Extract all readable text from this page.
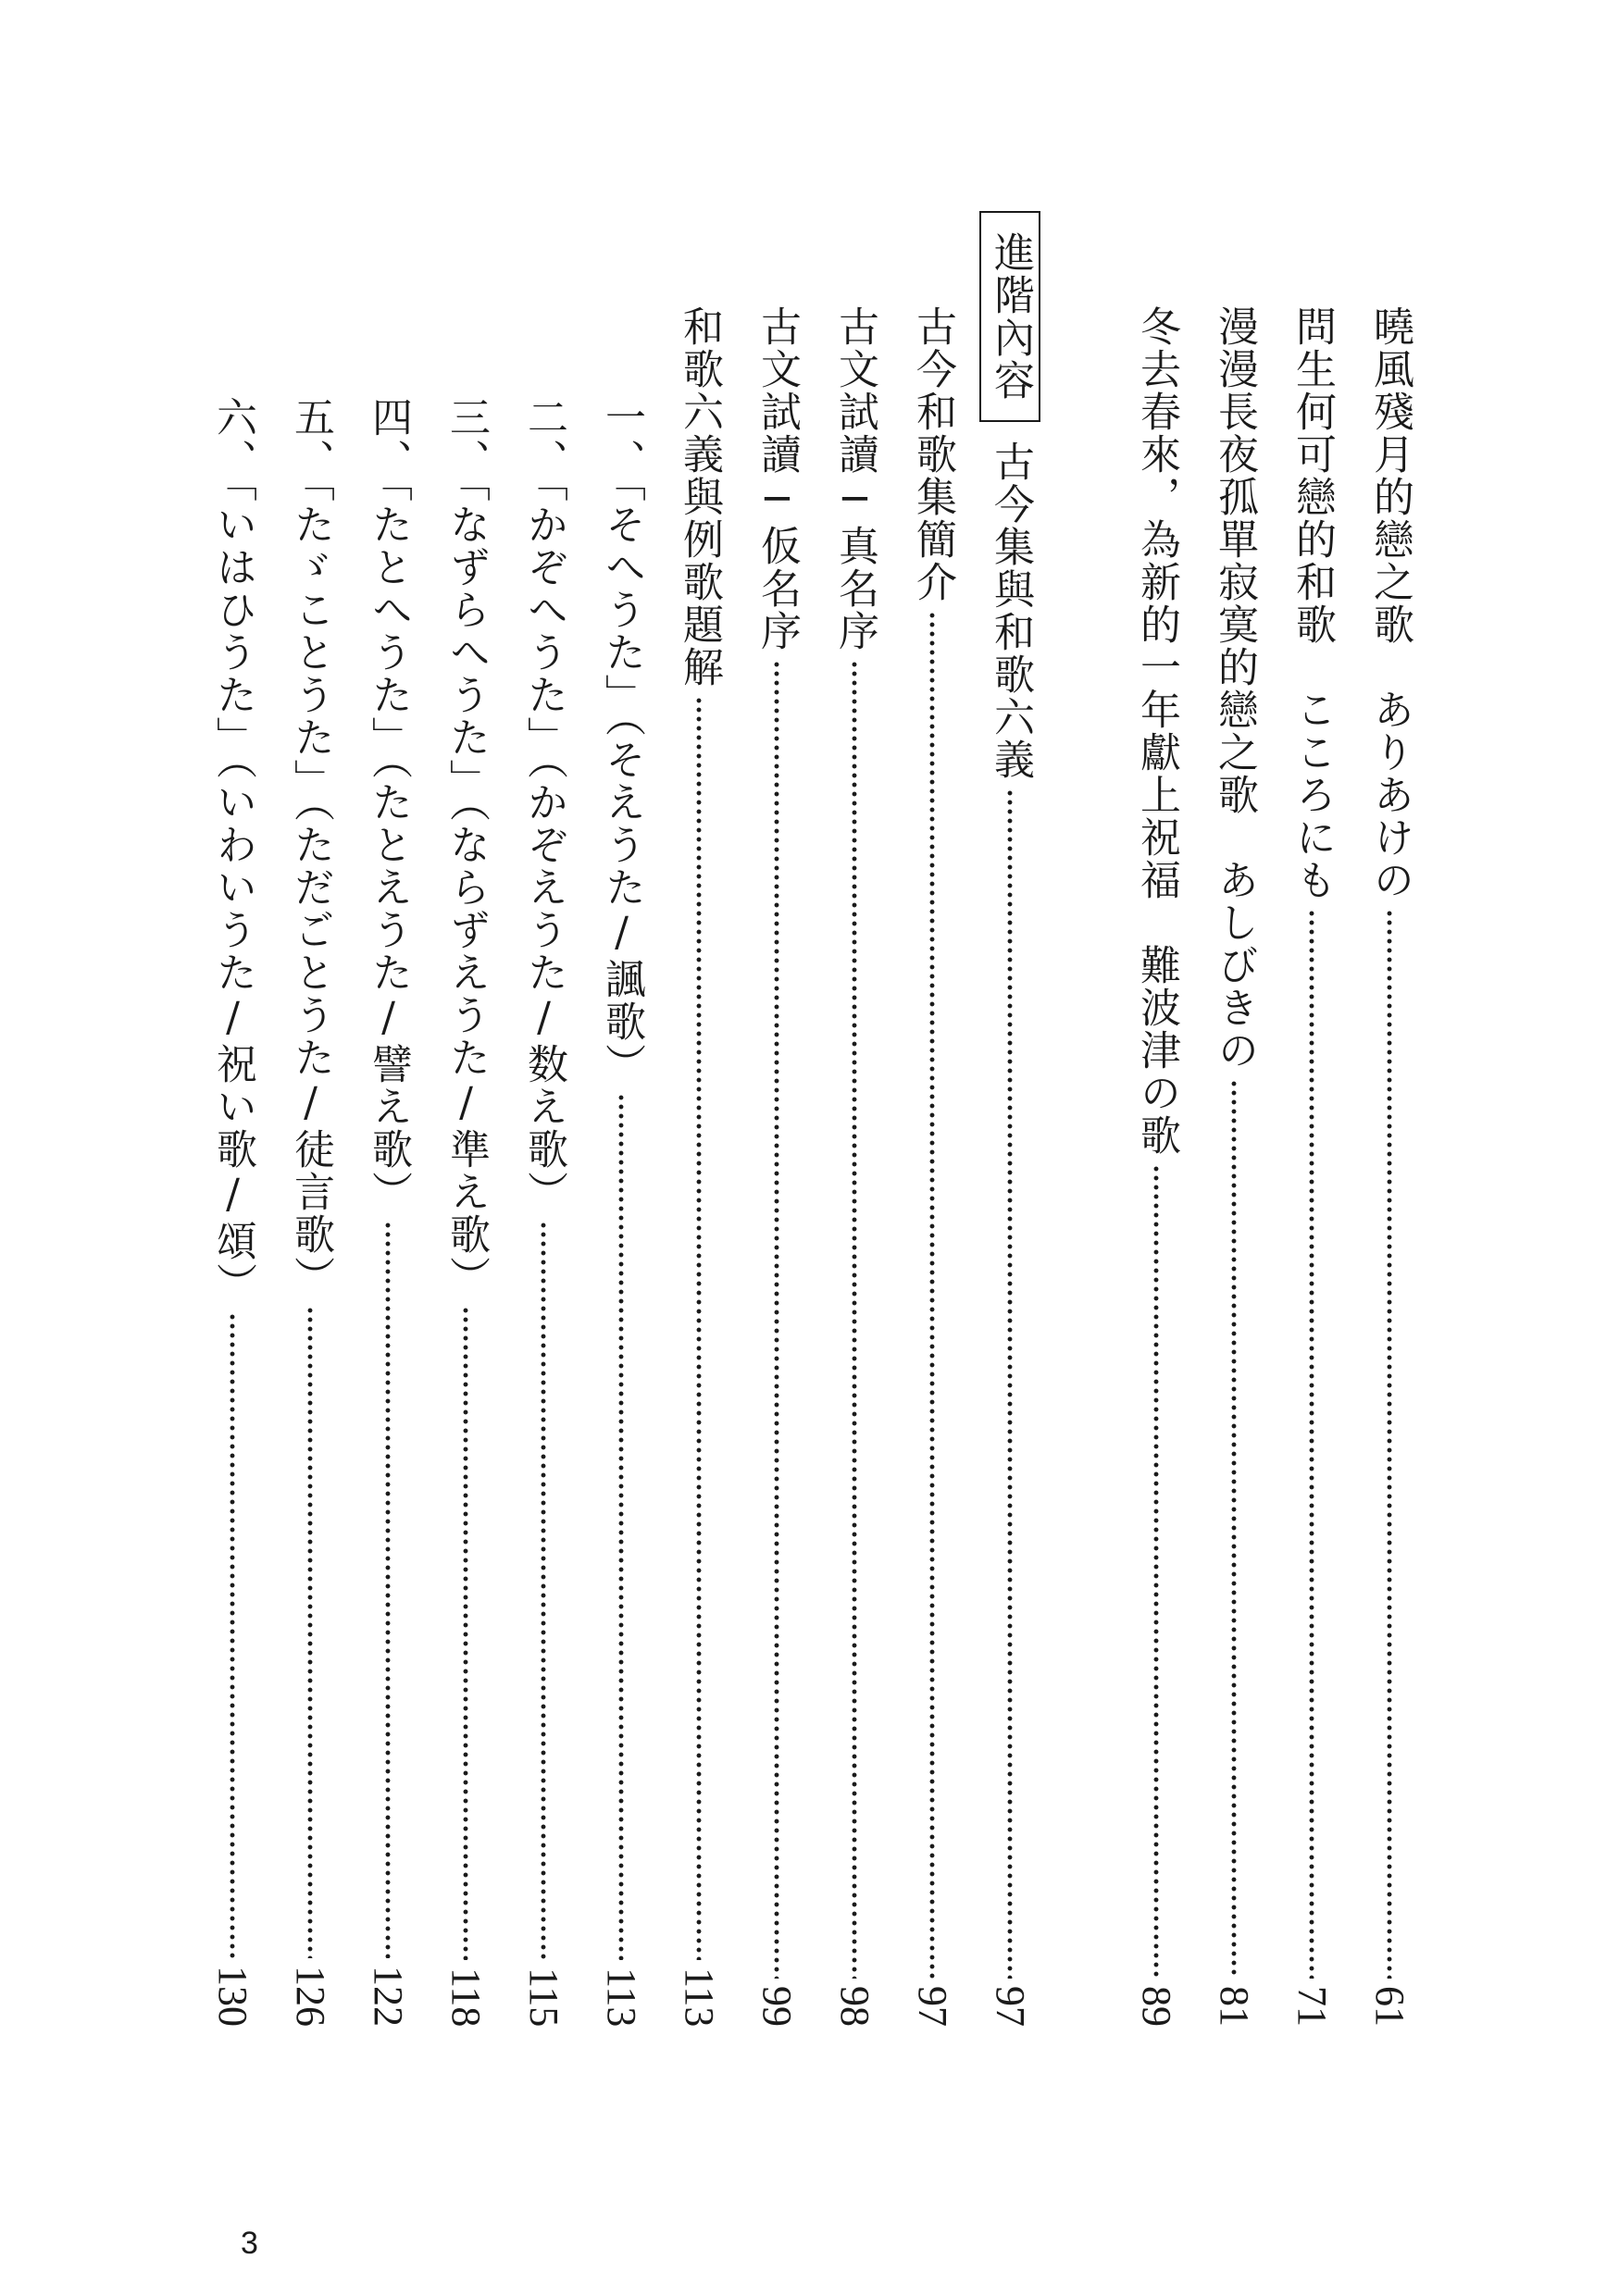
曉風殘月的戀之歌　ありあけの
61
問生何可戀的和歌　こころにも
71
漫漫長夜孤單寂寞的戀之歌　あしびきの
81
冬去春來，為新的一年獻上祝福　難波津の歌
89
進階內容
古今集與和歌六義
97
古今和歌集簡介
97
古文試讀─真名序
98
古文試讀─仮名序
99
和歌六義與例歌題解
113
一、「そへうた」（そえうた/諷歌）
113
二、「かぞへうた」（かぞえうた/数え歌）
115
三、「なずらへうた」（ならずえうた/準え歌）
118
四、「たとへうた」（たとえうた/譬え歌）
122
五、「たゞことうた」（ただごとうた/徒言歌）
126
六、「いはひうた」（いわいうた/祝い歌/頌）
130
3
